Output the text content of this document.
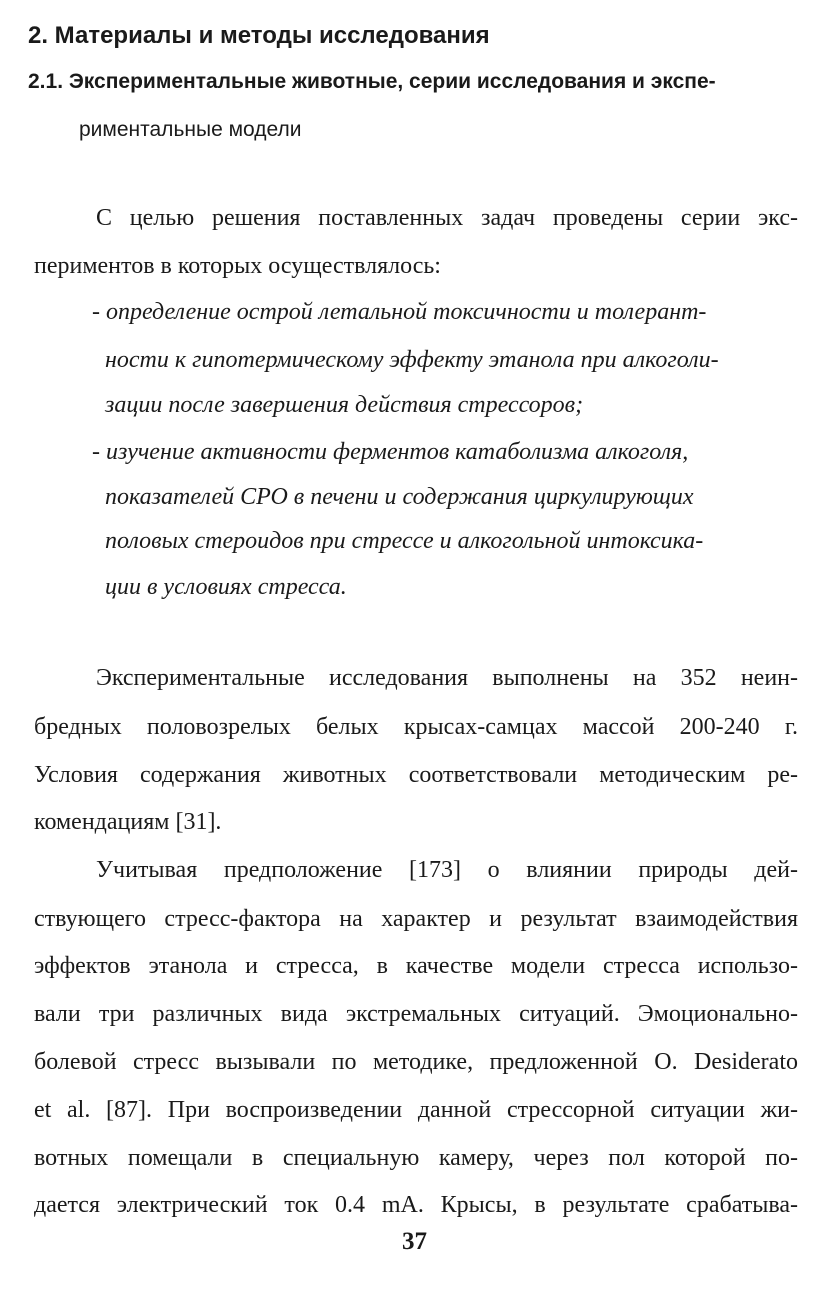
2. Материалы и методы исследования
2.1. Экспериментальные животные, серии исследования и экспе-
риментальные модели
С целью решения поставленных задач проведены серии экс-
периментов в которых осуществлялось:
- определение острой летальной токсичности и толерант-
ности к гипотермическому эффекту этанола при алкоголи-
зации после завершения действия стрессоров;
- изучение активности ферментов катаболизма алкоголя,
показателей СРО в печени и содержания циркулирующих
половых стероидов при стрессе и алкогольной интоксика-
ции в условиях стресса.
Экспериментальные исследования выполнены на 352 неин-
бредных половозрелых белых крысах-самцах массой 200-240 г.
Условия содержания животных соответствовали методическим ре-
комендациям [31].
Учитывая предположение [173] о влиянии природы дей-
ствующего стресс-фактора на характер и результат взаимодействия
эффектов этанола и стресса, в качестве модели стресса использо-
вали три различных вида экстремальных ситуаций. Эмоционально-
болевой стресс вызывали по методике, предложенной O. Desiderato
et al. [87]. При воспроизведении данной стрессорной ситуации жи-
вотных помещали в специальную камеру, через пол которой по-
дается электрический ток 0.4 mA. Крысы, в результате срабатыва-
37
